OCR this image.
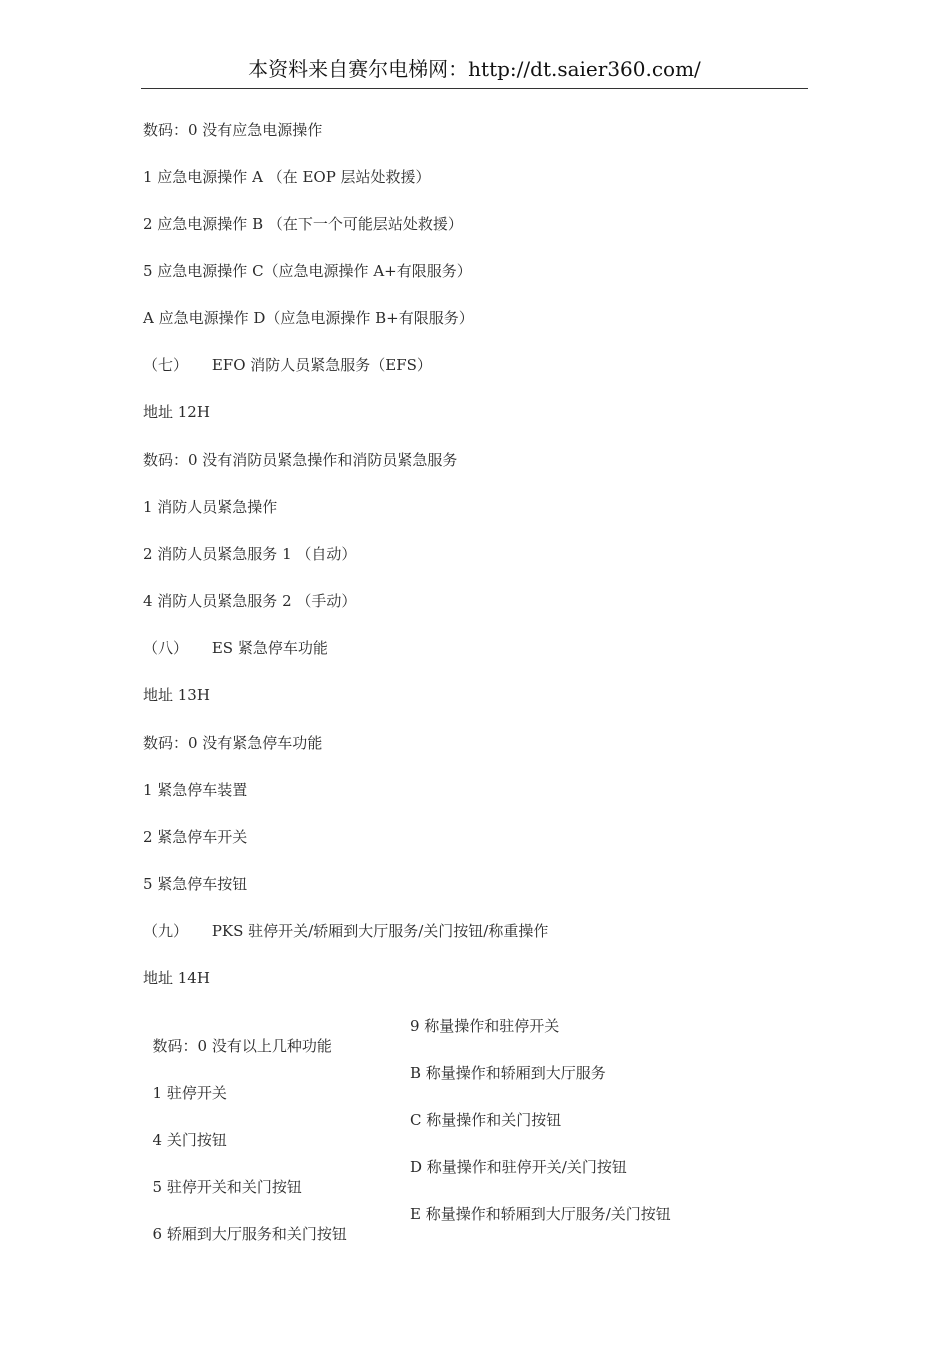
本资料来自赛尔电梯网：http://dt.saier360.com/
数码：0 没有应急电源操作
1 应急电源操作 A （在 EOP 层站处救援）
2 应急电源操作 B （在下一个可能层站处救援）
5 应急电源操作 C（应急电源操作 A+有限服务）
A 应急电源操作 D（应急电源操作 B+有限服务）
（七）     EFO 消防人员紧急服务（EFS）
地址 12H
数码：0 没有消防员紧急操作和消防员紧急服务
1 消防人员紧急操作
2 消防人员紧急服务 1 （自动）
4 消防人员紧急服务 2 （手动）
（八）     ES 紧急停车功能
地址 13H
数码：0 没有紧急停车功能
1 紧急停车装置
2 紧急停车开关
5 紧急停车按钮
（九）     PKS 驻停开关/轿厢到大厅服务/关门按钮/称重操作
地址 14H

数码：0 没有以上几种功能

9 称量操作和驻停开关

1 驻停开关

B 称量操作和轿厢到大厅服务

4 关门按钮

C 称量操作和关门按钮

5 驻停开关和关门按钮

D 称量操作和驻停开关/关门按钮

6 轿厢到大厅服务和关门按钮

E 称量操作和轿厢到大厅服务/关门按钮
